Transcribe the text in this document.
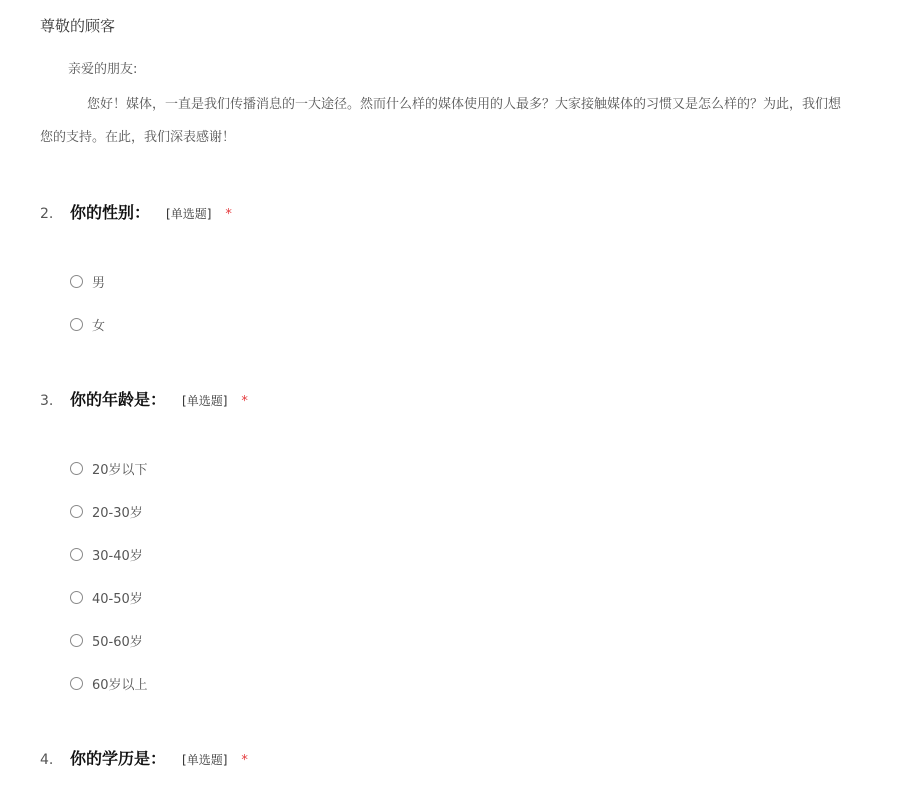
尊敬的顾客
亲爱的朋友:
您好！媒体，一直是我们传播消息的一大途径。然而什么样的媒体使用的人最多？大家接触媒体的习惯又是怎么样的？为此，我们想
您的支持。在此，我们深表感谢！
2.	你的性别： [单选题] *
男
女
3.	你的年龄是： [单选题] *
20岁以下
20-30岁
30-40岁
40-50岁
50-60岁
60岁以上
4.	你的学历是： [单选题] *
